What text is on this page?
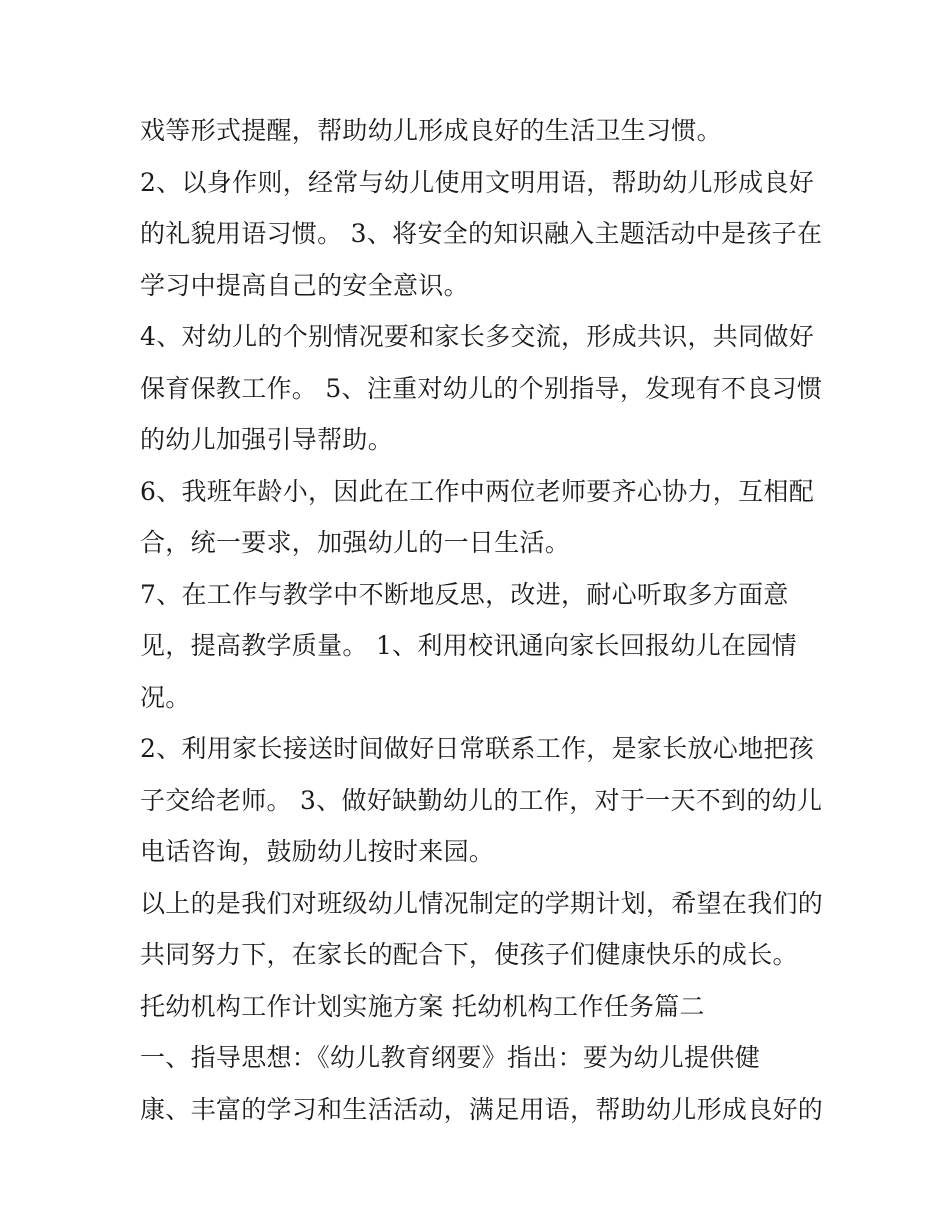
戏等形式提醒，帮助幼儿形成良好的生活卫生习惯。
2、以身作则，经常与幼儿使用文明用语，帮助幼儿形成良好
的礼貌用语习惯。 3、将安全的知识融入主题活动中是孩子在
学习中提高自己的安全意识。
4、对幼儿的个别情况要和家长多交流，形成共识，共同做好
保育保教工作。 5、注重对幼儿的个别指导，发现有不良习惯
的幼儿加强引导帮助。
6、我班年龄小，因此在工作中两位老师要齐心协力，互相配
合，统一要求，加强幼儿的一日生活。
7、在工作与教学中不断地反思，改进，耐心听取多方面意
见，提高教学质量。 1、利用校讯通向家长回报幼儿在园情
况。
2、利用家长接送时间做好日常联系工作，是家长放心地把孩
子交给老师。 3、做好缺勤幼儿的工作，对于一天不到的幼儿
电话咨询，鼓励幼儿按时来园。
以上的是我们对班级幼儿情况制定的学期计划，希望在我们的
共同努力下，在家长的配合下，使孩子们健康快乐的成长。
托幼机构工作计划实施方案 托幼机构工作任务篇二
一、指导思想：《幼儿教育纲要》指出：要为幼儿提供健
康、丰富的学习和生活活动，满足用语，帮助幼儿形成良好的
